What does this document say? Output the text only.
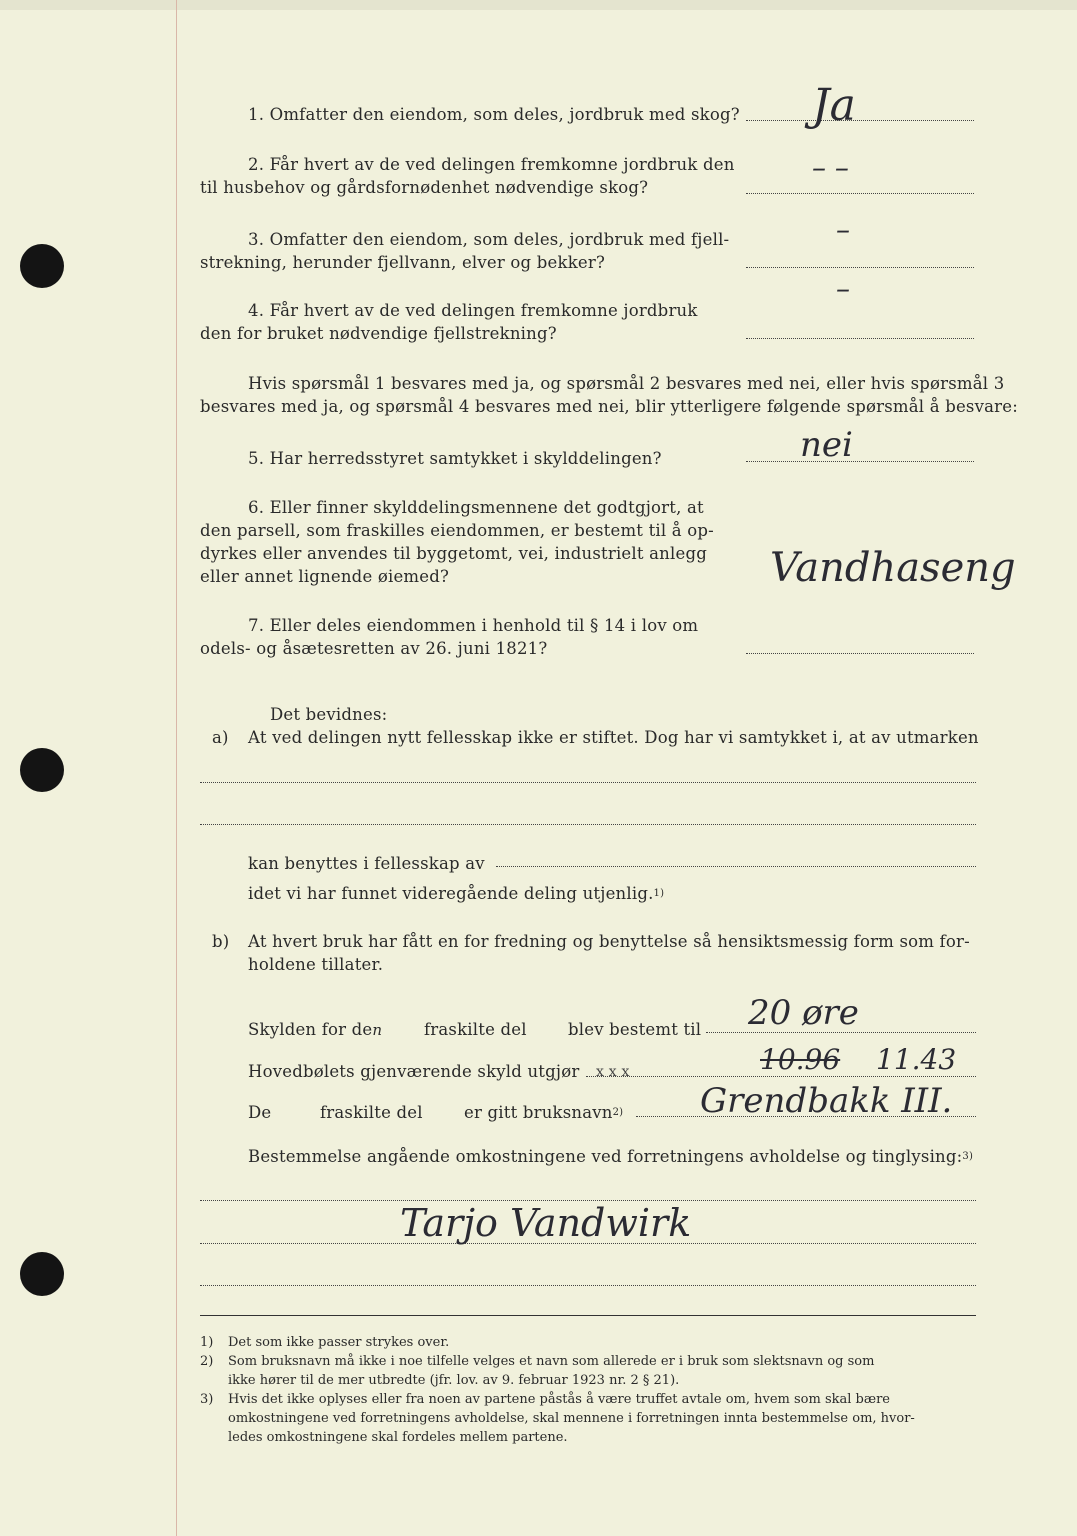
1. Omfatter den eiendom, som deles, jordbruk med skog? Ja
2. Får hvert av de ved delingen fremkomne jordbruk den
til husbehov og gårdsfornødenhet nødvendige skog?
– –
3. Omfatter den eiendom, som deles, jordbruk med fjell-
strekning, herunder fjellvann, elver og bekker?
–
4. Får hvert av de ved delingen fremkomne jordbruk
den for bruket nødvendige fjellstrekning?
–
Hvis spørsmål 1 besvares med ja, og spørsmål 2 besvares med nei, eller hvis spørsmål 3
besvares med ja, og spørsmål 4 besvares med nei, blir ytterligere følgende spørsmål å besvare:
5. Har herredsstyret samtykket i skylddelingen?	nei
6. Eller finner skylddelingsmennene det godtgjort, at
den parsell, som fraskilles eiendommen, er bestemt til å op-
dyrkes eller anvendes til byggetomt, vei, industrielt anlegg
eller annet lignende øiemed?	Vandhaseng
7. Eller deles eiendommen i henhold til § 14 i lov om
odels- og åsætesretten av 26. juni 1821?
Det bevidnes:
a) At ved delingen nytt fellesskap ikke er stiftet. Dog har vi samtykket i, at av utmarken
kan benyttes i fellesskap av
idet vi har funnet videregående deling utjenlig.$^{1)}$
b) At hvert bruk har fått en for fredning og benyttelse så hensiktsmessig form som for-
holdene tillater.
Skylden for den	fraskilte del	blev bestemt til 20 øre
Hovedbølets gjenværende skyld utgjør x x x	10.96 11.43
De	fraskilte del	er gitt bruksnavn$^{2)}$ Grendbakk III.
Bestemmelse angående omkostningene ved forretningens avholdelse og tinglysing:$^{3)}$
Tarjo Vandwirk
1) Det som ikke passer strykes over.
2) Som bruksnavn må ikke i noe tilfelle velges et navn som allerede er i bruk som slektsnavn og som
ikke hører til de mer utbredte (jfr. lov. av 9. februar 1923 nr. 2 § 21).
3) Hvis det ikke oplyses eller fra noen av partene påstås å være truffet avtale om, hvem som skal bære
omkostningene ved forretningens avholdelse, skal mennene i forretningen innta bestemmelse om, hvor-
ledes omkostningene skal fordeles mellem partene.
